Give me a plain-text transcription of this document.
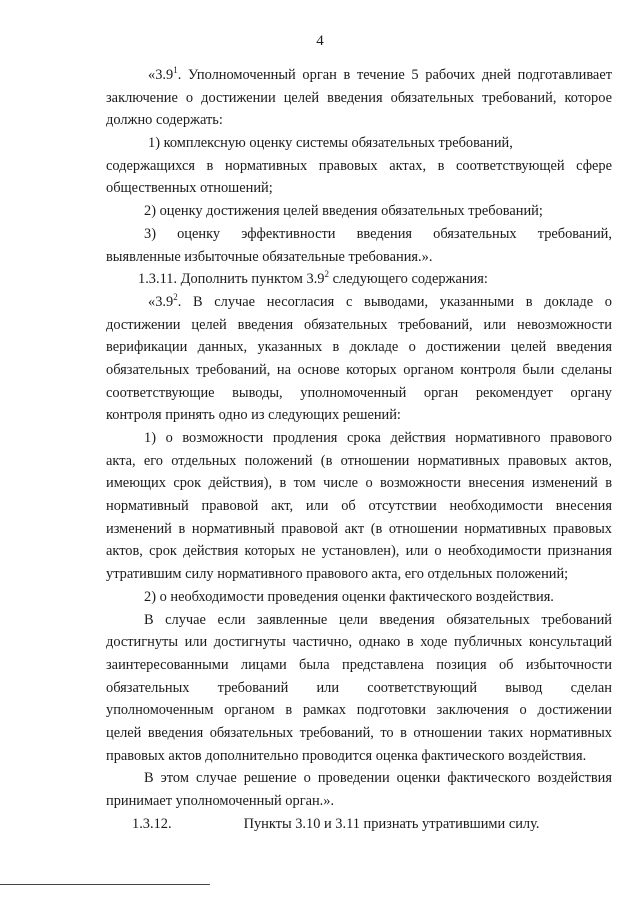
4
«$3.9^1$. Уполномоченный орган в течение 5 рабочих дней подготавливает
заключение о достижении целей введения обязательных требований, которое
должно содержать:
1) комплексную оценку системы обязательных требований,
содержащихся в нормативных правовых актах, в соответствующей сфере
общественных отношений;
2) оценку достижения целей введения обязательных требований;
3) оценку эффективности введения обязательных требований,
выявленные избыточные обязательные требования.».
1.3.11. Дополнить пунктом $3.9^2$ следующего содержания:
«$3.9^2$. В случае несогласия с выводами, указанными в докладе о
достижении целей введения обязательных требований, или невозможности
верификации данных, указанных в докладе о достижении целей введения
обязательных требований, на основе которых органом контроля были сделаны
соответствующие выводы, уполномоченный орган рекомендует органу
контроля принять одно из следующих решений:
1) о возможности продления срока действия нормативного правового
акта, его отдельных положений (в отношении нормативных правовых актов,
имеющих срок действия), в том числе о возможности внесения изменений в
нормативный правовой акт, или об отсутствии необходимости внесения
изменений в нормативный правовой акт (в отношении нормативных правовых
актов, срок действия которых не установлен), или о необходимости признания
утратившим силу нормативного правового акта, его отдельных положений;
2) о необходимости проведения оценки фактического воздействия.
В случае если заявленные цели введения обязательных требований
достигнуты или достигнуты частично, однако в ходе публичных консультаций
заинтересованными лицами была представлена позиция об избыточности
обязательных требований или соответствующий вывод сделан
уполномоченным органом в рамках подготовки заключения о достижении
целей введения обязательных требований, то в отношении таких нормативных
правовых актов дополнительно проводится оценка фактического воздействия.
В этом случае решение о проведении оценки фактического воздействия
принимает уполномоченный орган.».
1.3.12.	Пункты 3.10 и 3.11 признать утратившими силу.
